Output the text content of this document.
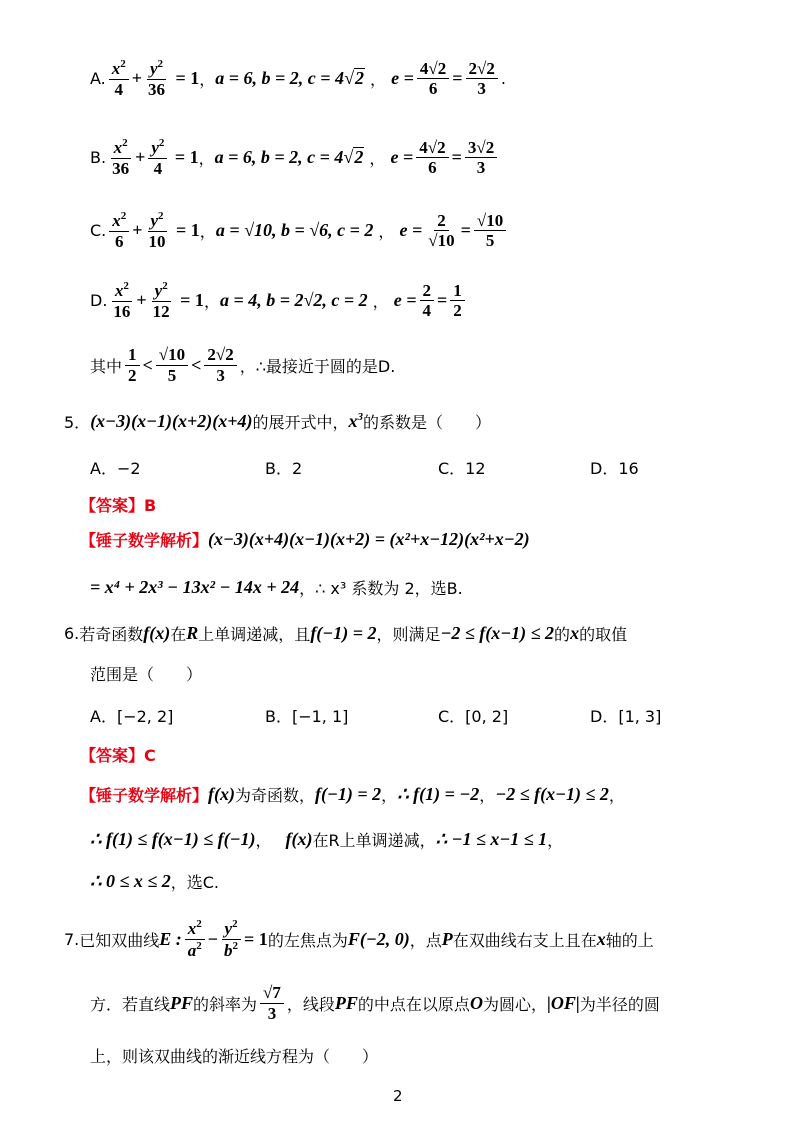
A. $\frac{x^2}{4} + \frac{y^2}{36} = 1$ ， a = 6, b = 2, c = 4 √ 2 ， $e = \frac{4√2}{6} = \frac{2√2}{3}$ .
B. $\frac{x^2}{36} + \frac{y^2}{4} = 1$ ， a = 6, b = 2, c = 4 √ 2 ， $e = \frac{4√2}{6} = \frac{3√2}{3}$
C. $\frac{x^2}{6} + \frac{y^2}{10} = 1$ ， a = √10, b = √6, c = 2 ， $e = \frac{2}{√10} = \frac{√10}{5}$
D. $\frac{x^2}{16} + \frac{y^2}{12} = 1$ ， a = 4, b = 2√2, c = 2 ， $e = \frac{2}{4} = \frac{1}{2}$
其中 $\frac{1}{2} < \frac{√10}{5} < \frac{2√2}{3}$ ，∴最接近于圆的是D.
5． (x−3)(x−1)(x+2)(x+4) 的展开式中， $x^3$ 的系数是（　　）
A．−2	B．2	C．12	D．16
【答案】B
【锤子数学解析】 (x−3)(x+4)(x−1)(x+2) = (x²+x−12)(x²+x−2)
= x⁴ + 2x³ − 13x² − 14x + 24 ，∴ x³ 系数为 2，选B.
6. 若奇函数 f(x) 在 R 上单调递减，且 f(−1) = 2 ，则满足 −2 ≤ f(x−1) ≤ 2 的 x 的取值
范围是（　　）
A．[−2, 2]	B．[−1, 1]	C．[0, 2]	D．[1, 3]
【答案】C
【锤子数学解析】 f(x) 为奇函数， f(−1) = 2 ， ∴ f(1) = −2 ， −2 ≤ f(x−1) ≤ 2 ，
∴ f(1) ≤ f(x−1) ≤ f(−1) ， f(x) 在R上单调递减， ∴ −1 ≤ x−1 ≤ 1 ，
∴ 0 ≤ x ≤ 2 ，选C.
7. 已知双曲线 E : $\frac{x^2}{a^2} - \frac{y^2}{b^2} = 1$ 的左焦点为 F(−2, 0) ，点 P 在双曲线右支上且在 x 轴的上
方．若直线 PF 的斜率为 $\frac{√7}{3}$ ，线段 PF 的中点在以原点 O 为圆心， |OF| 为半径的圆
上，则该双曲线的渐近线方程为（　　）
2
